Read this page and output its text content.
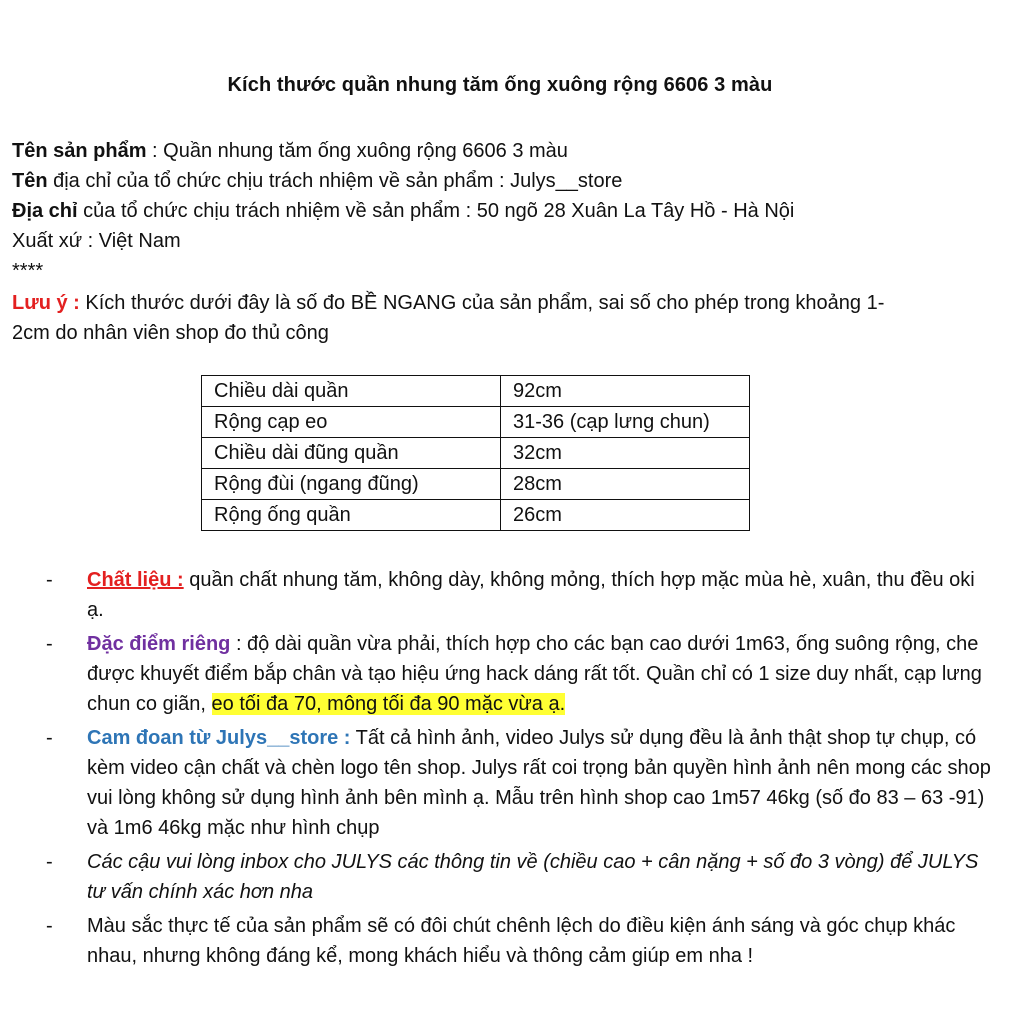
Kích thước quần nhung tăm ống xuông rộng 6606 3 màu
Tên sản phẩm : Quần nhung tăm ống xuông rộng 6606 3 màu
Tên địa chỉ của tổ chức chịu trách nhiệm về sản phẩm : Julys__store
Địa chỉ của tổ chức chịu trách nhiệm về sản phẩm : 50 ngõ 28 Xuân La Tây Hồ - Hà Nội
Xuất xứ : Việt Nam
****
Lưu ý : Kích thước dưới đây là số đo BỀ NGANG của sản phẩm, sai số cho phép trong khoảng 1-
2cm do nhân viên shop đo thủ công
Chiều dài quần	92cm
Rộng cạp eo	31-36 (cạp lưng chun)
Chiều dài đũng quần	32cm
Rộng đùi (ngang đũng)	28cm
Rộng ống quần	26cm
- Chất liệu : quần chất nhung tăm, không dày, không mỏng, thích hợp mặc mùa hè, xuân, thu đều oki ạ.
- Đặc điểm riêng : độ dài quần vừa phải, thích hợp cho các bạn cao dưới 1m63, ống suông rộng, che được khuyết điểm bắp chân và tạo hiệu ứng hack dáng rất tốt. Quần chỉ có 1 size duy nhất, cạp lưng chun co giãn, eo tối đa 70, mông tối đa 90 mặc vừa ạ.
- Cam đoan từ Julys__store : Tất cả hình ảnh, video Julys sử dụng đều là ảnh thật shop tự chụp, có kèm video cận chất và chèn logo tên shop. Julys rất coi trọng bản quyền hình ảnh nên mong các shop vui lòng không sử dụng hình ảnh bên mình ạ. Mẫu trên hình shop cao 1m57 46kg (số đo 83 – 63 -91) và 1m6 46kg mặc như hình chụp
- Các cậu vui lòng inbox cho JULYS các thông tin về (chiều cao + cân nặng + số đo 3 vòng) để JULYS tư vấn chính xác hơn nha
- Màu sắc thực tế của sản phẩm sẽ có đôi chút chênh lệch do điều kiện ánh sáng và góc chụp khác nhau, nhưng không đáng kể, mong khách hiểu và thông cảm giúp em nha !
